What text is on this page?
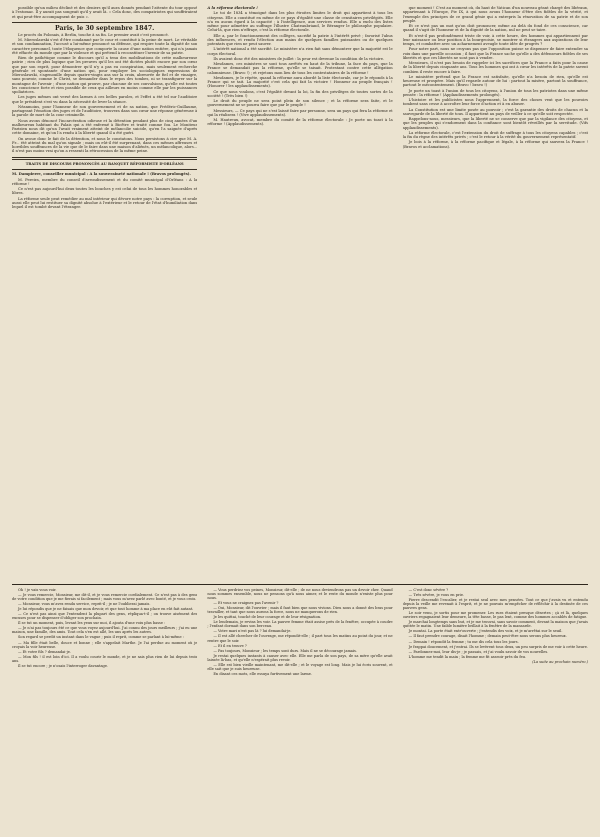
possible qu'un milieu décliné et des deniers qu'il aura donnés pendant l'attente du tour opposé à l'estomac. Il y aurait pas songeait qu'il y avait là. « Cela donc, des compatriotes qui souffriraient et qui peut-être accompagnent de puis ».

Paris, le 30 septembre 1847.

Le procès du Polonais, à Berlin, touche à sa fin. Le premier avait c'est prononcé.

M. Mieroslawski s'est d'être condamné par le cour et constitué à la peine de mort. Le véritable et son condamnation, l'accusé a lui-même prononcé sa défense, qui respire toute la dignité de son caractère personnel, toute l'éloquence que comporte la cause d'une nation entière, qui n'a jamais été effacée du monde que par la violence et qui prétend à reconstituer l'avenir de sa patrie.

Rien de pathétique comme le discours qu'il a tenu des mobilisations de cette malheureuse patrie ; rien de plus logique que les preuves qu'il les ont été dictées plutôt encore par son cœur que par son esprit, pour démontrer qu'il n'y a pas eu conspiration, mais seulement recherche générale et spontanée d'une nation qui, pour employer les sociologiques expressions de Mieroslawski, s'agenouille depuis quatre-vingts ans sur la croix, abreuvée de fiel et de vinaigre, sans pouvoir, comme le Christ, se demander dans le repos des tombes, ni se transfigurer sur la montagne de l'avenir ; d'une nation qui prouve, par chacune de ses convulsions, qu'elle est toutes les conscience forte et rien possible de ceux qui ailleurs en moins comme elle par les puissances spoliatrices.

Les juges mêmes ont versé des larmes à ces belles paroles, et l'effet a été tel sur l'auditoire que le président s'est vu dans la nécessité de lever la séance.

Néanmoins, pour l'honneur de son gouvernement et de sa nation, que Frédéric-Guillaume, partageant l'émotion des juges et de l'auditoire, trouvera dans son cœur une réponse généreuse à la parole de mort de la cour criminelle.

Nous avons dénoncé l'incarcération odieuse et la détention pendant plus de cinq années d'un malheureux habitant du Palais qui a été enfermé à Bicêtre et traité comme fou. Le Moniteur Parisien nous dit qu'un l'avait vraiment atteint de mélancolie suicide, qu'en l'a saignée d'après cette domaine, et qu'on l'a rendu à la liberté quand il a été guéri.

On avoue donc le fait de la détention, et nous le constatons. Nous persistons à cire que M. A. Fr... été atteint du mal qu'on signale ; mais on eût-il été surprenant, dans ces mêmes affreuses et horribles souffrances de la vie que de le faire dans une maison d'aliénés, un mélancolique, alors... il n'est pas moins vrai qu'on a ressenti la rétrocession de la même peine.

TRAITS DE DISCOURS PRONONCÉS AU BANQUET RÉFORMISTE D'ORLÉANS

M. Dampierre, conseiller municipal : A la souveraineté nationale ! (Bravos prolongés).

M. Pereira, membre du conseil d'arrondissement et du comité municipal d'Orléans : A la réforme !

Ce n'est pas aujourd'hui deux toutes les bouches y est celui de tous les hommes honorables et libres.

La réforme seule peut remédier au mal intérieur qui dévore notre pays : la corruption, et seule aussi elle peut lui restituer sa dignité absolue à l'extérieur et le retour de l'état d'humiliation dans lequel il est tombé devant l'étranger.

A la réforme électorale !

Le toi de 1834 a témoigné dans les plus étroites limites le droit qui appartient à tous les citoyens. Elle a constitué en même de ce pays d'égalité une classe de censitaires privilégiés. Elle n'a eu aucun égard à la capacité ; à l'intelligence, aux services rendus. Elle a exclu des listes même pour admettre au suffrage l'illustre Chateaubriand, le Béranger le philosophe populaire. Celui-là, que rien n'effraye, c'est la réforme électorale.

Elle a, par le fonctionnement des collèges, sacrifié la patrie à l'intérêt privé ; favorisé l'abus des influences, et rendu l'élection aux mains de quelques familles puissantes ou de quelques potentats que rien ne peut sauver.

L'intérêt national a été sacrifié. Le ministère n'a rien fait sans démontrer que la majorité est le corps électoral.

Ils avaient donc été des ministres de juillet : la peur est devenue la condition de la victoire.

Mesdames, ces ministres se sont tous arrêtés en haut de la tribune, la face du pays, que la France se demandait pas la réforme, qu'elle se taisait. Protestant contre cette allégation calomnieuse. (Bravo !) ; et rejetons mon lieu de tous les contestataires de la réforme !

Mesdames, je le répète, quand la réforme aura abordé la liste électorale, car je le réponds à la France qui se tait. La majorité c'est cela qui fait la victoire ! Honneur au peuple français ! (Honorer ! les applaudissements).

Ce que nous voulons, c'est l'égalité devant la loi, la fin des privilèges de toutes sortes de la société ! (Très bien !)

Le droit du peuple ne sera point plein de son silence ; et la réforme sera faite, et le gouvernement ne se pourra faire que par le peuple !

Messieurs, — Ce pays qui ne s'est laissé faire par personne, sera un pays qui fera la réforme et qui la réalisera ! (Vive applaudissements).

M. Hautreux, avocat, membre du comité de la réforme électorale : Je porte un toast à la réforme ! (Applaudissements).

que moment ! C'est au moment où, du haut de Vatican d'un nouveau géant chargé des libéraux, appartenant à l'Europe, Pie IX, à qui nous avons l'honneur d'être des fidèles de la vérité, et l'exemple des principes de ce grand génie qui a entrepris la rénovation de sa patrie et de son peuple.

Et ce n'est pas un mot qu'on doit prononcer, même au delà du fond de ces conscience, car quand il s'agit de l'honneur et de la dignité de la nation, nul ne peut se taire.

Et n'est-il pas profondément triste de voir, à cette heure, des hommes qui appartiennent par leur naissance ou leur position à la bourgeoisie, se montrer si étrangers aux aspirations de leur temps, et combattre avec un acharnement aveugle toute idée de progrès ?

Pour notre part, nous ne croyons pas que l'opposition puisse se dispenser de faire entendre sa voix dans une pareille occasion ; il faut que la France sache qu'elle a des défenseurs fidèles de ses libertés et que ces libertés ne sont pas à vendre.

Messieurs, il n'est pas besoin de rappeler ici les sacrifices que la France a faits pour la cause de la liberté depuis cinquante ans. Tous les hommes qui ont à cœur les intérêts de la patrie savent combien il reste encore à faire.

Le ministère prétend que la France est satisfaite, qu'elle n'a besoin de rien, qu'elle est heureuse et prospère. Mais qu'il regarde autour de lui : partout la misère, partout la souffrance, partout le mécontentement. (Bravo ! bravo !)

Je porte un toast à l'union de tous les citoyens, à l'union de tous les patriotes dans une même pensée : la réforme ! (Applaudissements prolongés).

L'histoire et les publicistes nous l'apprennent, la force des choses veut que les pouvoirs tombent sans cesse à accroître leur force d'action et à en abuser.

La Constitution est une limite posée au pouvoir ; c'est la garantie des droits de chacun et la sauvegarde de la liberté de tous. Il appartient au pays de veiller à ce qu'elle soit respectée.

Rappelons-nous, messieurs, que la liberté ne se conserve que par la vigilance des citoyens, et que les peuples qui s'endorment dans la confiance sont bientôt réveillés par la servitude. (Vifs applaudissements).

La réforme électorale, c'est l'extension du droit de suffrage à tous les citoyens capables ; c'est la fin du règne des intérêts privés ; c'est le retour à la vérité du gouvernement représentatif.

Je bois à la réforme, à la réforme pacifique et légale, à la réforme qui sauvera la France ! (Bravos et acclamations).

Oh ! je vais vous voir.

— Je vous remercie, Monsieur, me dit-il, et je vous remercie cordialement. Ce n'est pas à des gens de votre condition que je me fierais si facilement ; mais vous m'avez parlé avec bonté, et je vous crois.

— Monsieur, vous m'avez rendu service, reprit-il ; je ne l'oublierai jamais.

Je lui répondis que je ne faisais que mon devoir, et que tout homme à ma place en eût fait autant.

— Ce n'est pas ainsi que l'entendent la plupart des gens, répliqua-t-il ; on trouve aisément des excuses pour se dispenser d'obliger son prochain.

Il se tut un moment, puis, levant les yeux sur moi, il ajouta d'une voix plus basse :

— Je n'ai pas toujours été ce que vous voyez aujourd'hui. J'ai connu des jours meilleurs ; j'ai eu une maison, une famille, des amis. Tout cela s'en est allé, les uns après les autres.

Son regard se perdit un instant dans le vague ; puis il reprit, comme se parlant à lui-même :

— Ma fille était belle, douce et bonne ; elle s'appelait Marthe. Je l'ai perdue au moment où je croyais la voir heureuse.

— Et votre fils ? demandai-je.

— Mon fils ! il est loin d'ici. Il a voulu courir le monde, et je ne sais plus rien de lui depuis trois ans.

Il se tut encore ; je n'osais l'interroger davantage.

— Vous perdriez vos peines, Monsieur, dit-elle ; de ne nous deviendrons pas un devoir cher. Quand nous sommes ensemble, nous ne pensons qu'à nous aimer, et le reste du monde n'existe plus pour nous.

— Et vous ne craignez pas l'avenir ?

— Oui, Monsieur, dit l'ouvrier ; mais il faut bien que nous vivions. Dieu nous a donné des bras pour travailler, et tant que nous aurons la force, nous ne manquerons de rien.

Je les quittai, touché de leur courage et de leur résignation.

Le lendemain, je revins les voir. La pauvre femme était assise près de la fenêtre, occupée à coudre ; l'enfant dormait dans son berceau.

— Votre mari n'est pas là ? lui demandai-je.

— Il est allé chercher de l'ouvrage, me répondit-elle ; il part tous les matins au point du jour, et ne rentre que le soir.

— Et il en trouve ?

— Pas toujours, Monsieur ; les temps sont durs. Mais il ne se décourage jamais.

Je restai quelques instants à causer avec elle. Elle me parla de son pays, de sa mère qu'elle avait laissée là-bas, et qu'elle n'espérait plus revoir.

— Elle est bien vieille maintenant, me dit-elle ; et le voyage est long. Mais je lui écris souvent, et elle sait que je suis heureuse.

En disant ces mots, elle essuya furtivement une larme.

— C'est donc sévère ?

— Très sévère, je vous en prie.

Pierre descendit l'escalier, et je restai seul avec mes pensées. Tout ce que j'avais vu et entendu depuis la veille me revenait à l'esprit, et je ne pouvais m'empêcher de réfléchir à la destinée de ces pauvres gens.

Le soir venu, je sortis pour me promener. Les rues étaient presque désertes ; çà et là, quelques ouvriers regagnaient leur demeure, la tête basse, le pas lent, comme des hommes accablés de fatigue.

Je marchai longtemps sans but, et je me trouvai, sans savoir comment, devant la maison que j'avais quittée le matin. Une faible lumière brillait à la fenêtre de la mansarde.

Je montai. La porte était entr'ouverte ; j'entendis des voix, et je m'arrêtai sur le seuil.

— Il faut prendre courage, disait l'homme ; demain peut-être nous serons plus heureux.

— Demain ! répondit la femme ; tu me dis cela tous les jours.

Je frappai doucement, et j'entrai. Ils se levèrent tous deux, un peu surpris de me voir à cette heure.

— Pardonnez-moi, leur dis-je ; je passais, et j'ai voulu savoir de vos nouvelles.

L'homme me tendit la main ; la femme me fit asseoir près du feu.

(La suite au prochain numéro.)
